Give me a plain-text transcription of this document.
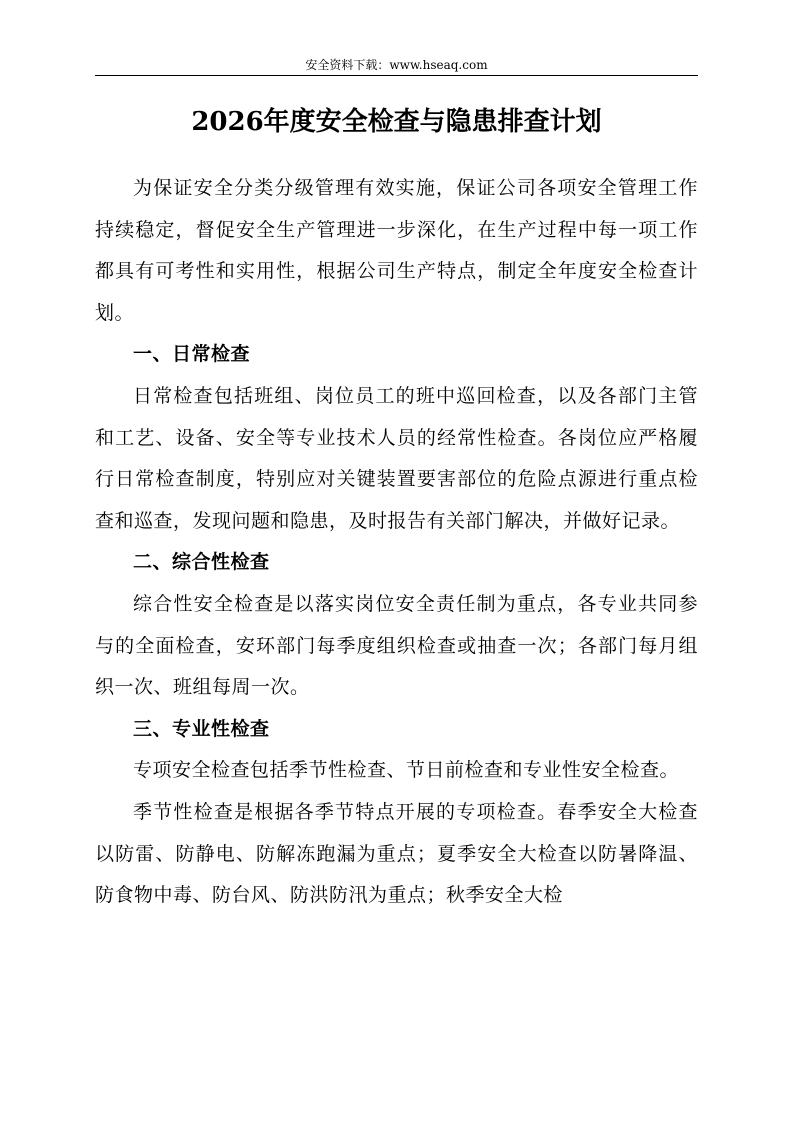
安全资料下载：www.hseaq.com
2026年度安全检查与隐患排查计划

为保证安全分类分级管理有效实施，保证公司各项安全管理工作持续稳定，督促安全生产管理进一步深化，在生产过程中每一项工作都具有可考性和实用性，根据公司生产特点，制定全年度安全检查计划。

一、日常检查

日常检查包括班组、岗位员工的班中巡回检查，以及各部门主管和工艺、设备、安全等专业技术人员的经常性检查。各岗位应严格履行日常检查制度，特别应对关键装置要害部位的危险点源进行重点检查和巡查，发现问题和隐患，及时报告有关部门解决，并做好记录。

二、综合性检查

综合性安全检查是以落实岗位安全责任制为重点，各专业共同参与的全面检查，安环部门每季度组织检查或抽查一次；各部门每月组织一次、班组每周一次。

三、专业性检查

专项安全检查包括季节性检查、节日前检查和专业性安全检查。

季节性检查是根据各季节特点开展的专项检查。春季安全大检查以防雷、防静电、防解冻跑漏为重点；夏季安全大检查以防暑降温、防食物中毒、防台风、防洪防汛为重点；秋季安全大检
